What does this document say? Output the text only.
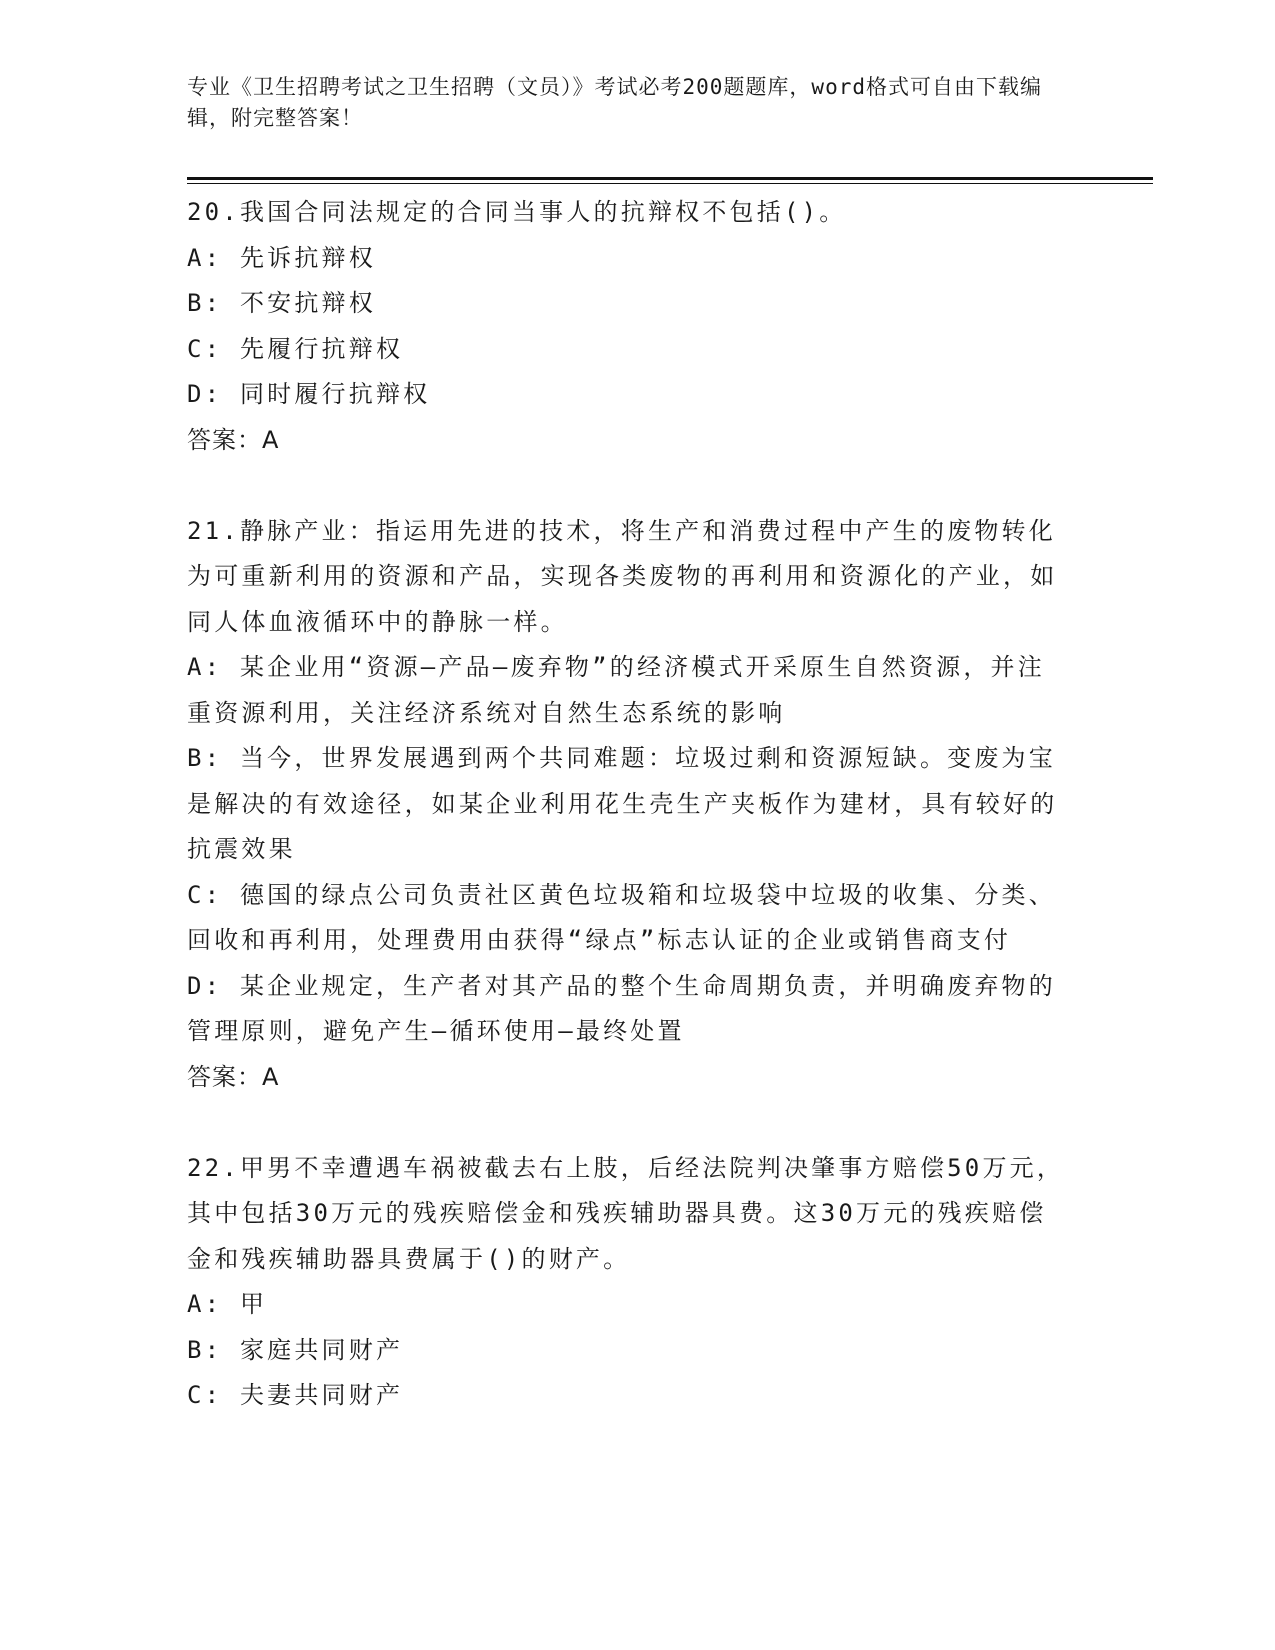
专业《卫生招聘考试之卫生招聘（文员）》考试必考200题题库，word格式可自由下载编辑，附完整答案！

20.我国合同法规定的合同当事人的抗辩权不包括()。

A: 先诉抗辩权

B: 不安抗辩权

C: 先履行抗辩权

D: 同时履行抗辩权

答案：A

21.静脉产业：指运用先进的技术，将生产和消费过程中产生的废物转化为可重新利用的资源和产品，实现各类废物的再利用和资源化的产业，如同人体血液循环中的静脉一样。

A: 某企业用“资源—产品—废弃物”的经济模式开采原生自然资源，并注重资源利用，关注经济系统对自然生态系统的影响

B: 当今，世界发展遇到两个共同难题：垃圾过剩和资源短缺。变废为宝是解决的有效途径，如某企业利用花生壳生产夹板作为建材，具有较好的抗震效果

C: 德国的绿点公司负责社区黄色垃圾箱和垃圾袋中垃圾的收集、分类、回收和再利用，处理费用由获得“绿点”标志认证的企业或销售商支付

D: 某企业规定，生产者对其产品的整个生命周期负责，并明确废弃物的管理原则，避免产生—循环使用—最终处置

答案：A

22.甲男不幸遭遇车祸被截去右上肢，后经法院判决肇事方赔偿50万元，其中包括30万元的残疾赔偿金和残疾辅助器具费。这30万元的残疾赔偿金和残疾辅助器具费属于()的财产。

A: 甲

B: 家庭共同财产

C: 夫妻共同财产
